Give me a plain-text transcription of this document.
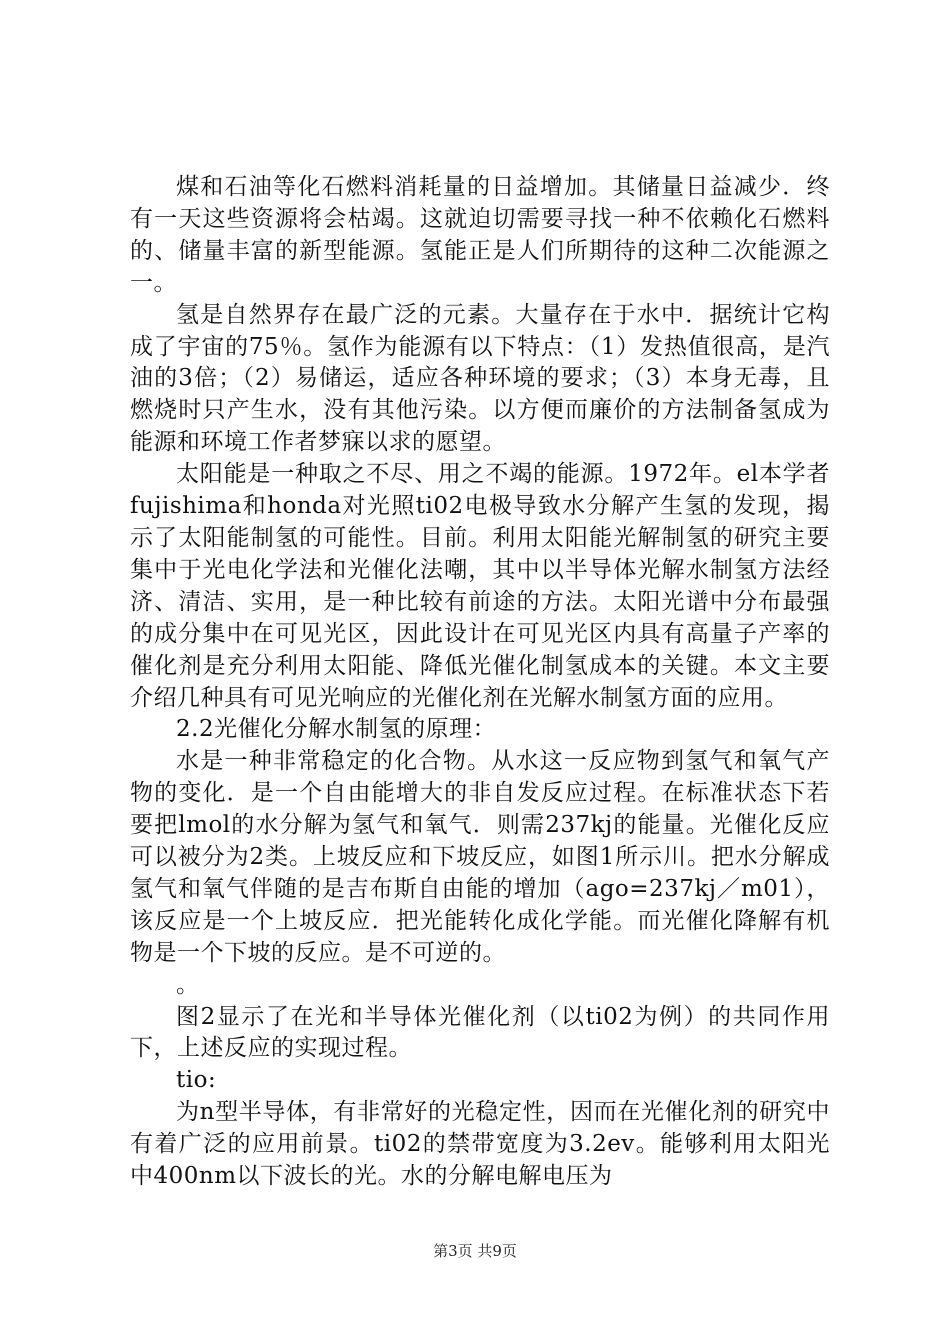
煤和石油等化石燃料消耗量的日益增加。其储量日益减少．终有一天这些资源将会枯竭。这就迫切需要寻找一种不依赖化石燃料的、储量丰富的新型能源。氢能正是人们所期待的这种二次能源之一。

氢是自然界存在最广泛的元素。大量存在于水中．据统计它构成了宇宙的75％。氢作为能源有以下特点：（1）发热值很高，是汽油的3倍；（2）易储运，适应各种环境的要求；（3）本身无毒，且燃烧时只产生水，没有其他污染。以方便而廉价的方法制备氢成为能源和环境工作者梦寐以求的愿望。

太阳能是一种取之不尽、用之不竭的能源。1972年。el本学者fujishima和honda对光照ti02电极导致水分解产生氢的发现，揭示了太阳能制氢的可能性。目前。利用太阳能光解制氢的研究主要集中于光电化学法和光催化法嘲，其中以半导体光解水制氢方法经济、清洁、实用，是一种比较有前途的方法。太阳光谱中分布最强的成分集中在可见光区，因此设计在可见光区内具有高量子产率的催化剂是充分利用太阳能、降低光催化制氢成本的关键。本文主要介绍几种具有可见光响应的光催化剂在光解水制氢方面的应用。

2.2光催化分解水制氢的原理：

水是一种非常稳定的化合物。从水这一反应物到氢气和氧气产物的变化．是一个自由能增大的非自发反应过程。在标准状态下若要把lmol的水分解为氢气和氧气．则需237kj的能量。光催化反应可以被分为2类。上坡反应和下坡反应，如图1所示川。把水分解成氢气和氧气伴随的是吉布斯自由能的增加（ago=237kj／m01），该反应是一个上坡反应．把光能转化成化学能。而光催化降解有机物是一个下坡的反应。是不可逆的。

。

图2显示了在光和半导体光催化剂（以ti02为例）的共同作用下，上述反应的实现过程。

tio:

为n型半导体，有非常好的光稳定性，因而在光催化剂的研究中有着广泛的应用前景。ti02的禁带宽度为3.2ev。能够利用太阳光中400nm以下波长的光。水的分解电解电压为

第3页 共9页
